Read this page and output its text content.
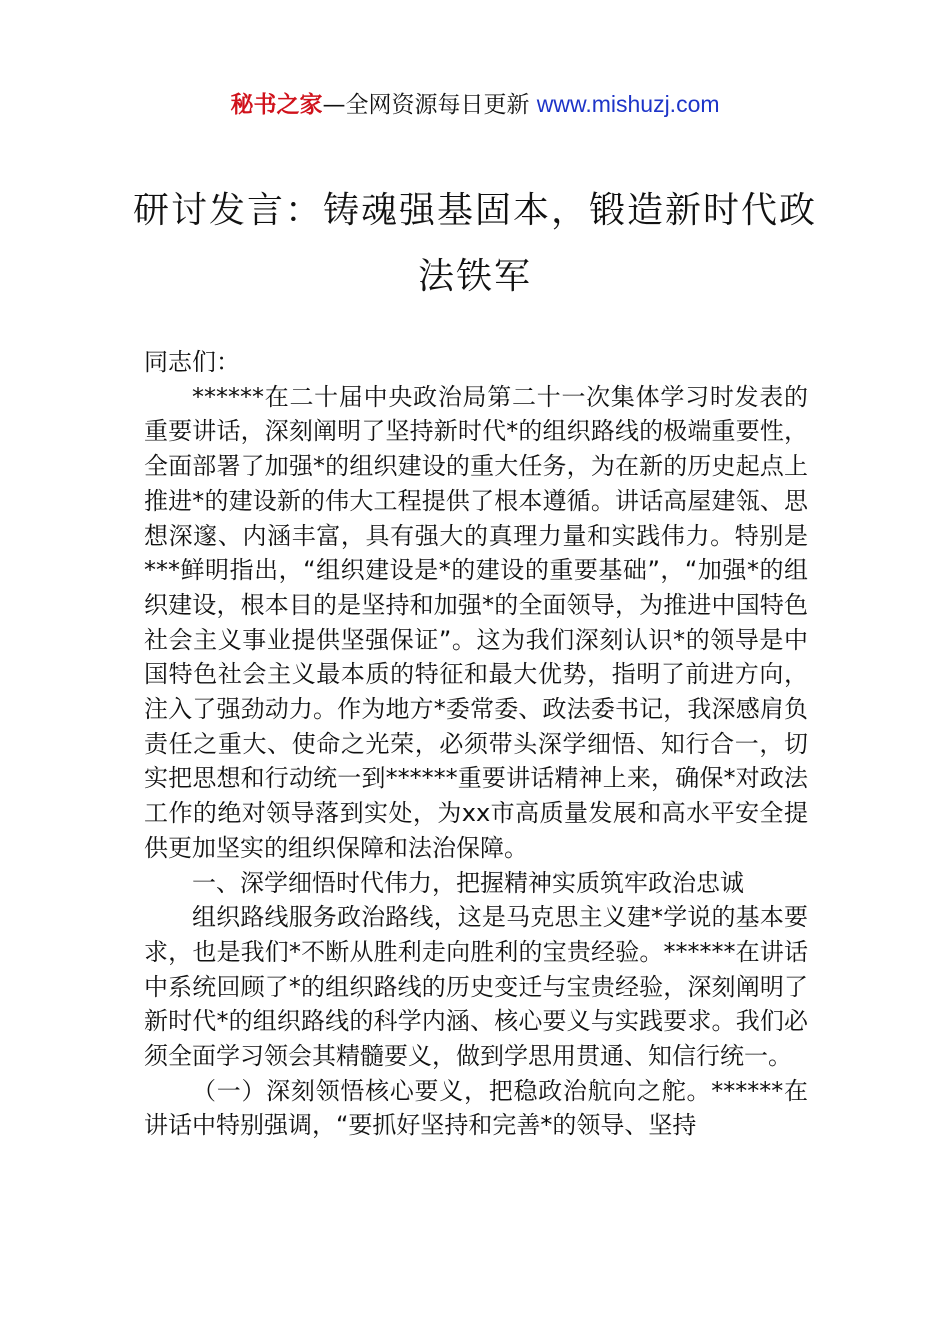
秘书之家—全网资源每日更新 www.mishuzj.com
研讨发言：铸魂强基固本，锻造新时代政法铁军

同志们：

******在二十届中央政治局第二十一次集体学习时发表的重要讲话，深刻阐明了坚持新时代*的组织路线的极端重要性，全面部署了加强*的组织建设的重大任务，为在新的历史起点上推进*的建设新的伟大工程提供了根本遵循。讲话高屋建瓴、思想深邃、内涵丰富，具有强大的真理力量和实践伟力。特别是***鲜明指出，“组织建设是*的建设的重要基础”，“加强*的组织建设，根本目的是坚持和加强*的全面领导，为推进中国特色社会主义事业提供坚强保证”。这为我们深刻认识*的领导是中国特色社会主义最本质的特征和最大优势，指明了前进方向，注入了强劲动力。作为地方*委常委、政法委书记，我深感肩负责任之重大、使命之光荣，必须带头深学细悟、知行合一，切实把思想和行动统一到******重要讲话精神上来，确保*对政法工作的绝对领导落到实处，为xx市高质量发展和高水平安全提供更加坚实的组织保障和法治保障。

一、深学细悟时代伟力，把握精神实质筑牢政治忠诚

组织路线服务政治路线，这是马克思主义建*学说的基本要求，也是我们*不断从胜利走向胜利的宝贵经验。******在讲话中系统回顾了*的组织路线的历史变迁与宝贵经验，深刻阐明了新时代*的组织路线的科学内涵、核心要义与实践要求。我们必须全面学习领会其精髓要义，做到学思用贯通、知信行统一。

（一）深刻领悟核心要义，把稳政治航向之舵。******在讲话中特别强调，“要抓好坚持和完善*的领导、坚持
